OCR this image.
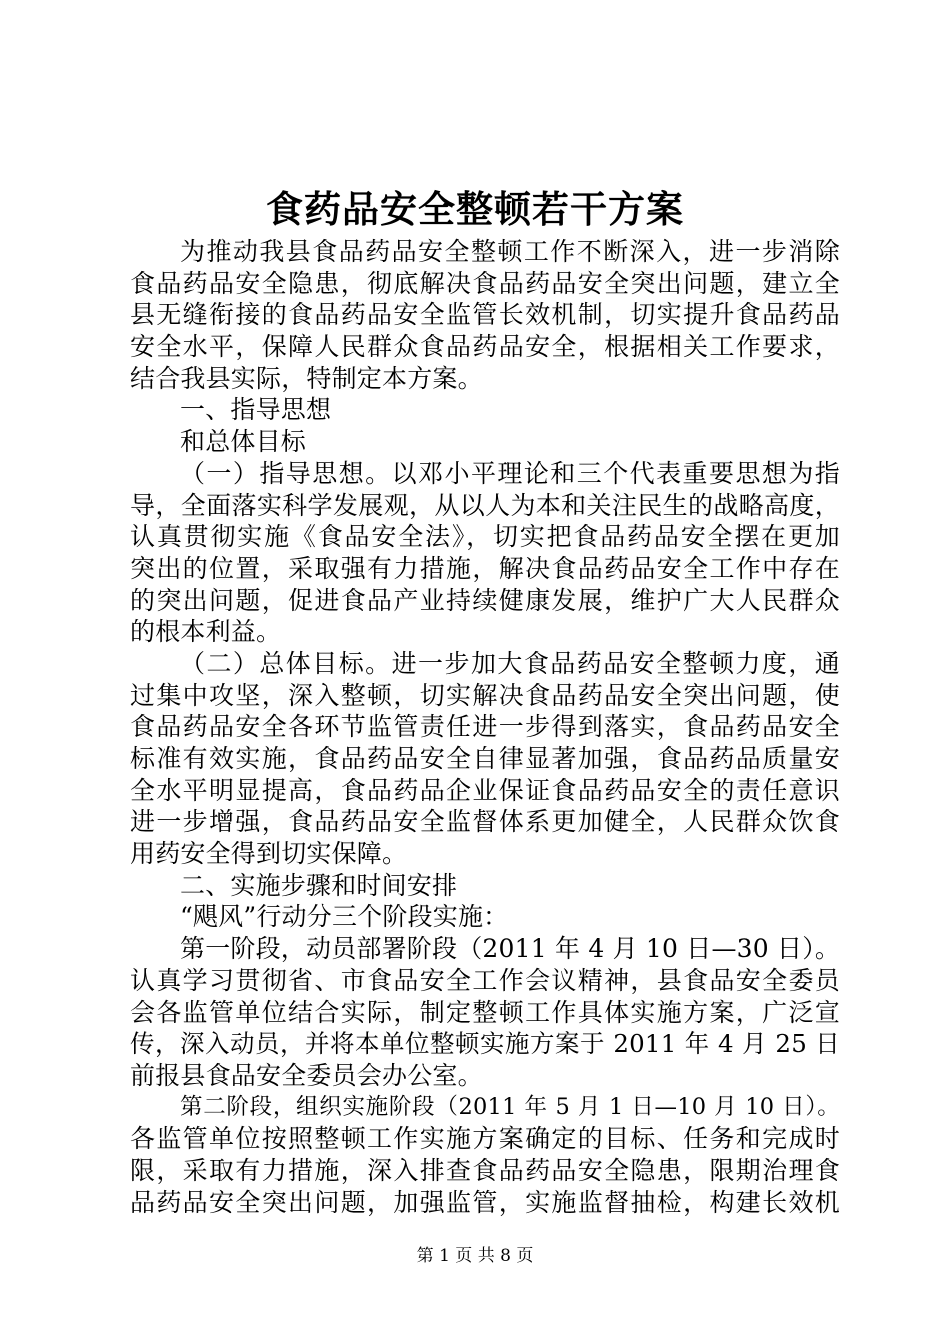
食药品安全整顿若干方案
为推动我县食品药品安全整顿工作不断深入，进一步消除
食品药品安全隐患，彻底解决食品药品安全突出问题，建立全
县无缝衔接的食品药品安全监管长效机制，切实提升食品药品
安全水平，保障人民群众食品药品安全，根据相关工作要求，
结合我县实际，特制定本方案。
一、指导思想
和总体目标
（一）指导思想。以邓小平理论和三个代表重要思想为指
导，全面落实科学发展观，从以人为本和关注民生的战略高度，
认真贯彻实施《食品安全法》，切实把食品药品安全摆在更加
突出的位置，采取强有力措施，解决食品药品安全工作中存在
的突出问题，促进食品产业持续健康发展，维护广大人民群众
的根本利益。
（二）总体目标。进一步加大食品药品安全整顿力度，通
过集中攻坚，深入整顿，切实解决食品药品安全突出问题，使
食品药品安全各环节监管责任进一步得到落实，食品药品安全
标准有效实施，食品药品安全自律显著加强，食品药品质量安
全水平明显提高，食品药品企业保证食品药品安全的责任意识
进一步增强，食品药品安全监督体系更加健全，人民群众饮食
用药安全得到切实保障。
二、实施步骤和时间安排
“飓风”行动分三个阶段实施：
第一阶段，动员部署阶段（2011 年 4 月 10 日—30 日）。
认真学习贯彻省、市食品安全工作会议精神，县食品安全委员
会各监管单位结合实际，制定整顿工作具体实施方案，广泛宣
传，深入动员，并将本单位整顿实施方案于 2011 年 4 月 25 日
前报县食品安全委员会办公室。
第二阶段，组织实施阶段（2011 年 5 月 1 日—10 月 10 日）。
各监管单位按照整顿工作实施方案确定的目标、任务和完成时
限，采取有力措施，深入排查食品药品安全隐患，限期治理食
品药品安全突出问题，加强监管，实施监督抽检，构建长效机
第 1 页 共 8 页
